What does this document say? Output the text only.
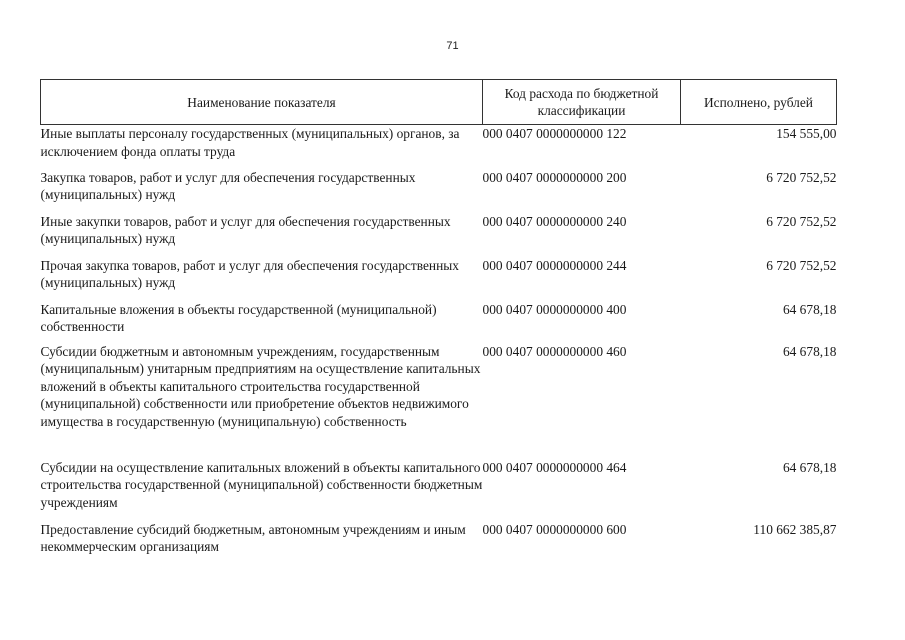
71
Наименование показателя	Код расхода по бюджетной классификации	Исполнено, рублей
Иные выплаты персоналу государственных (муниципальных) органов, за исключением фонда оплаты труда	000 0407 0000000000 122	154 555,00
Закупка товаров, работ и услуг для обеспечения государственных (муниципальных) нужд	000 0407 0000000000 200	6 720 752,52
Иные закупки товаров, работ и услуг для обеспечения государственных (муниципальных) нужд	000 0407 0000000000 240	6 720 752,52
Прочая закупка товаров, работ и услуг для обеспечения государственных (муниципальных) нужд	000 0407 0000000000 244	6 720 752,52
Капитальные вложения в объекты государственной (муниципальной) собственности	000 0407 0000000000 400	64 678,18
Субсидии бюджетным и автономным учреждениям, государственным (муниципальным) унитарным предприятиям на осуществление капитальных вложений в объекты капитального строительства государственной (муниципальной) собственности или приобретение объектов недвижимого имущества в государственную (муниципальную) собственность	000 0407 0000000000 460	64 678,18
Субсидии на осуществление капитальных вложений в объекты капитального строительства государственной (муниципальной) собственности бюджетным учреждениям	000 0407 0000000000 464	64 678,18
Предоставление субсидий бюджетным, автономным учреждениям и иным некоммерческим организациям	000 0407 0000000000 600	110 662 385,87
